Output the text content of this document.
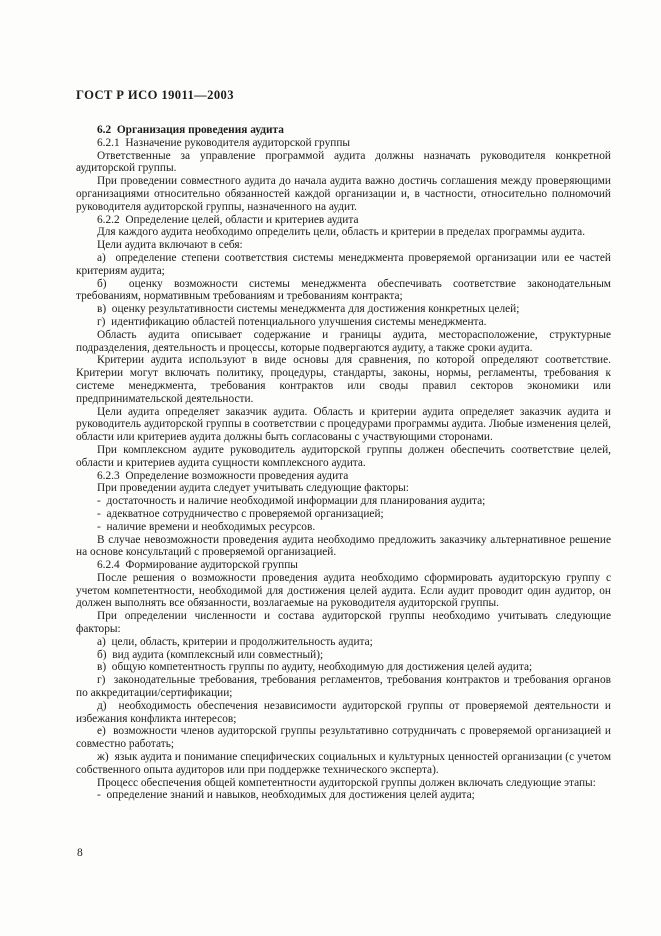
ГОСТ Р ИСО 19011—2003

6.2  Организация проведения аудита

6.2.1  Назначение руководителя аудиторской группы

Ответственные за управление программой аудита должны назначать руководителя конкретной аудиторской группы.

При проведении совместного аудита до начала аудита важно достичь соглашения между проверяющими организациями относительно обязанностей каждой организации и, в частности, относительно полномочий руководителя аудиторской группы, назначенного на аудит.

6.2.2  Определение целей, области и критериев аудита

Для каждого аудита необходимо определить цели, область и критерии в пределах программы аудита.

Цели аудита включают в себя:

а)  определение степени соответствия системы менеджмента проверяемой организации или ее частей критериям аудита;

б)  оценку возможности системы менеджмента обеспечивать соответствие законодательным требованиям, нормативным требованиям и требованиям контракта;

в)  оценку результативности системы менеджмента для достижения конкретных целей;

г)  идентификацию областей потенциального улучшения системы менеджмента.

Область аудита описывает содержание и границы аудита, месторасположение, структурные подразделения, деятельность и процессы, которые подвергаются аудиту, а также сроки аудита.

Критерии аудита используют в виде основы для сравнения, по которой определяют соответствие. Критерии могут включать политику, процедуры, стандарты, законы, нормы, регламенты, требования к системе менеджмента, требования контрактов или своды правил секторов экономики или предпринимательской деятельности.

Цели аудита определяет заказчик аудита. Область и критерии аудита определяет заказчик аудита и руководитель аудиторской группы в соответствии с процедурами программы аудита. Любые изменения целей, области или критериев аудита должны быть согласованы с участвующими сторонами.

При комплексном аудите руководитель аудиторской группы должен обеспечить соответствие целей, области и критериев аудита сущности комплексного аудита.

6.2.3  Определение возможности проведения аудита

При проведении аудита следует учитывать следующие факторы:

-  достаточность и наличие необходимой информации для планирования аудита;

-  адекватное сотрудничество с проверяемой организацией;

-  наличие времени и необходимых ресурсов.

В случае невозможности проведения аудита необходимо предложить заказчику альтернативное решение на основе консультаций с проверяемой организацией.

6.2.4  Формирование аудиторской группы

После решения о возможности проведения аудита необходимо сформировать аудиторскую группу с учетом компетентности, необходимой для достижения целей аудита. Если аудит проводит один аудитор, он должен выполнять все обязанности, возлагаемые на руководителя аудиторской группы.

При определении численности и состава аудиторской группы необходимо учитывать следующие факторы:

а)  цели, область, критерии и продолжительность аудита;

б)  вид аудита (комплексный или совместный);

в)  общую компетентность группы по аудиту, необходимую для достижения целей аудита;

г)  законодательные требования, требования регламентов, требования контрактов и требования органов по аккредитации/сертификации;

д)  необходимость обеспечения независимости аудиторской группы от проверяемой деятельности и избежания конфликта интересов;

е)  возможности членов аудиторской группы результативно сотрудничать с проверяемой организацией и совместно работать;

ж)  язык аудита и понимание специфических социальных и культурных ценностей организации (с учетом собственного опыта аудиторов или при поддержке технического эксперта).

Процесс обеспечения общей компетентности аудиторской группы должен включать следующие этапы:

-  определение знаний и навыков, необходимых для достижения целей аудита;

8
